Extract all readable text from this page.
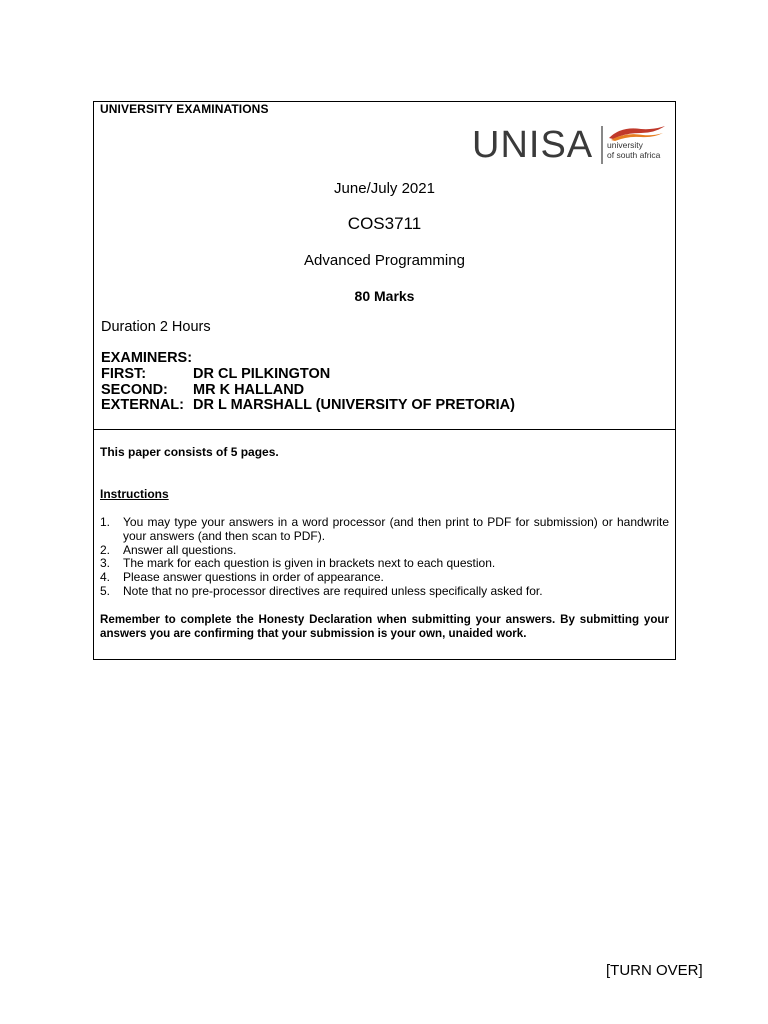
UNIVERSITY EXAMINATIONS
UNISA university
of south africa
June/July 2021
COS3711
Advanced Programming
80 Marks
Duration 2 Hours
EXAMINERS:
FIRST:	DR CL PILKINGTON
SECOND: MR K HALLAND
EXTERNAL: DR L MARSHALL (UNIVERSITY OF PRETORIA)
This paper consists of 5 pages.
Instructions
1.	You may type your answers in a word processor (and then print to PDF for submission) or handwrite your answers (and then scan to PDF).
2.	Answer all questions.
3.	The mark for each question is given in brackets next to each question.
4.	Please answer questions in order of appearance.
5.	Note that no pre-processor directives are required unless specifically asked for.
Remember to complete the Honesty Declaration when submitting your answers. By submitting your answers you are confirming that your submission is your own, unaided work.
[TURN OVER]
